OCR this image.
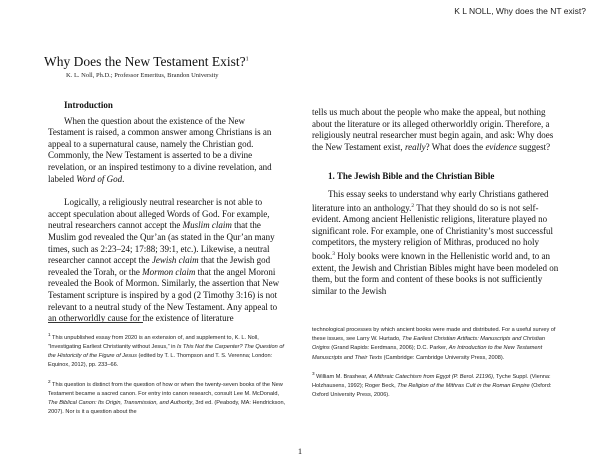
K L NOLL, Why does the NT exist?
Why Does the New Testament Exist?$^1$
K. L. Noll, Ph.D.; Professor Emeritus, Brandon University
Introduction

When the question about the existence of the New Testament is raised, a common answer among Christians is an appeal to a supernatural cause, namely the Christian god. Commonly, the New Testament is asserted to be a divine revelation, or an inspired testimony to a divine revelation, and labeled Word of God.

Logically, a religiously neutral researcher is not able to accept speculation about alleged Words of God. For example, neutral researchers cannot accept the Muslim claim that the Muslim god revealed the Qur’an (as stated in the Qur’an many times, such as 2:23–24; 17:88; 39:1, etc.). Likewise, a neutral researcher cannot accept the Jewish claim that the Jewish god revealed the Torah, or the Mormon claim that the angel Moroni revealed the Book of Mormon. Similarly, the assertion that New Testament scripture is inspired by a god (2 Timothy 3:16) is not relevant to a neutral study of the New Testament. Any appeal to an otherworldly cause for the existence of literature

tells us much about the people who make the appeal, but nothing about the literature or its alleged otherworldly origin. Therefore, a religiously neutral researcher must begin again, and ask: Why does the New Testament exist, really? What does the evidence suggest?

1. The Jewish Bible and the Christian Bible

This essay seeks to understand why early Christians gathered literature into an anthology.$^2$ That they should do so is not self-evident. Among ancient Hellenistic religions, literature played no significant role. For example, one of Christianity’s most successful competitors, the mystery religion of Mithras, produced no holy book.$^3$ Holy books were known in the Hellenistic world and, to an extent, the Jewish and Christian Bibles might have been modeled on them, but the form and content of these books is not sufficiently similar to the Jewish

$^1$ This unpublished essay from 2020 is an extension of, and supplement to, K. L. Noll, “Investigating Earliest Christianity without Jesus,” in Is This Not the Carpenter? The Question of the Historicity of the Figure of Jesus (edited by T. L. Thompson and T. S. Verenna; London: Equinox, 2012), pp. 233–66.

$^2$ This question is distinct from the question of how or when the twenty-seven books of the New Testament became a sacred canon. For entry into canon research, consult Lee M. McDonald, The Biblical Canon: Its Origin, Transmission, and Authority, 3rd ed. (Peabody, MA: Hendrickson, 2007). Nor is it a question about the

technological processes by which ancient books were made and distributed. For a useful survey of these issues, see Larry W. Hurtado, The Earliest Christian Artifacts: Manuscripts and Christian Origins (Grand Rapids: Eerdmans, 2006); D.C. Parker, An Introduction to the New Testament Manuscripts and Their Texts (Cambridge: Cambridge University Press, 2008).

$^3$ William M. Brashear, A Mithraic Catechism from Egypt (P. Berol. 21196), Tyche Suppl. (Vienna: Holzhausens, 1992); Roger Beck, The Religion of the Mithras Cult in the Roman Empire (Oxford: Oxford University Press, 2006).

1
